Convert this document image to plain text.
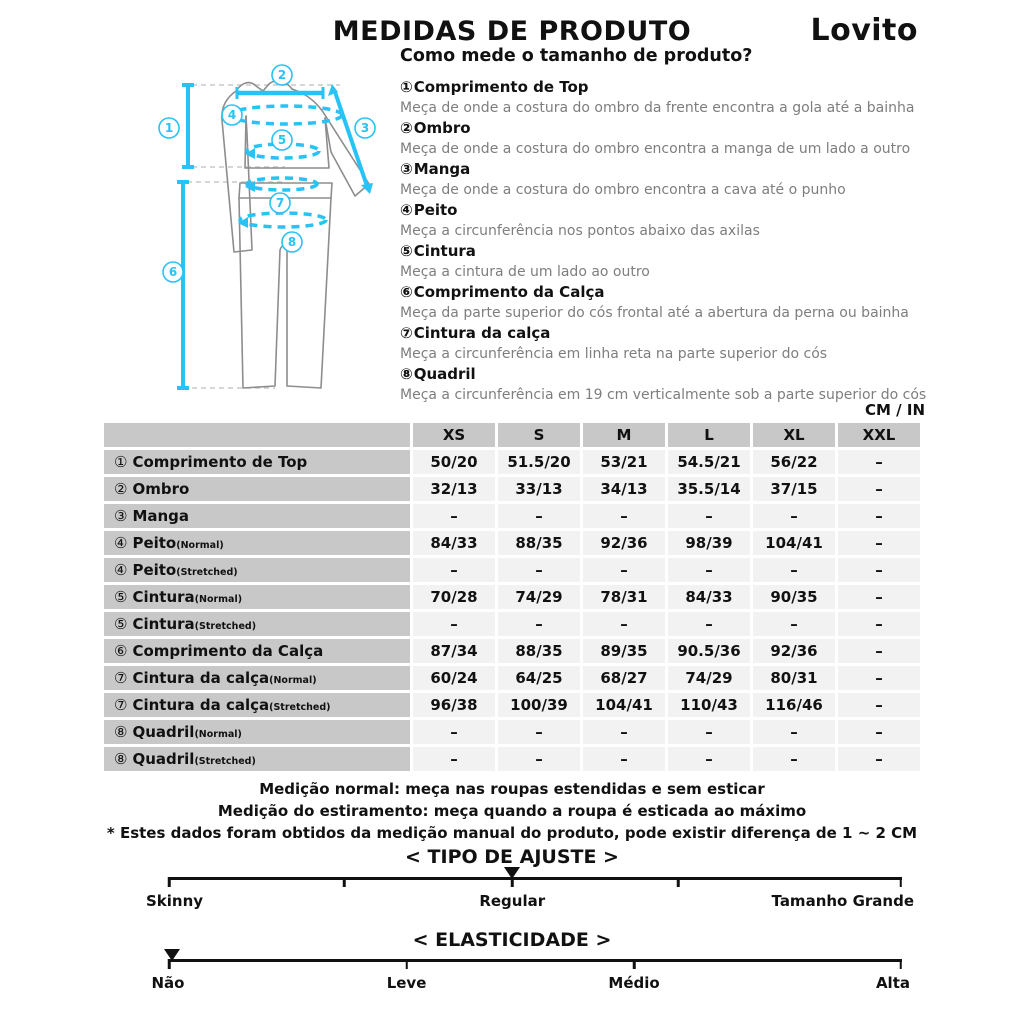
MEDIDAS DE PRODUTO	Lovito
1
2
3
4
5
6
7
8
Como mede o tamanho de produto?
①Comprimento de Top
Meça de onde a costura do ombro da frente encontra a gola até a bainha
②Ombro
Meça de onde a costura do ombro encontra a manga de um lado a outro
③Manga
Meça de onde a costura do ombro encontra a cava até o punho
④Peito
Meça a circunferência nos pontos abaixo das axilas
⑤Cintura
Meça a cintura de um lado ao outro
⑥Comprimento da Calça
Meça da parte superior do cós frontal até a abertura da perna ou bainha
⑦Cintura da calça
Meça a circunferência em linha reta na parte superior do cós
⑧Quadril
Meça a circunferência em 19 cm verticalmente sob a parte superior do cós
CM / IN
	XS	S	M	L	XL	XXL
① Comprimento de Top	50/20	51.5/20	53/21	54.5/21	56/22	–
② Ombro	32/13	33/13	34/13	35.5/14	37/15	–
③ Manga	–	–	–	–	–	–
④ Peito(Normal)	84/33	88/35	92/36	98/39	104/41	–
④ Peito(Stretched)	–	–	–	–	–	–
⑤ Cintura(Normal)	70/28	74/29	78/31	84/33	90/35	–
⑤ Cintura(Stretched)	–	–	–	–	–	–
⑥ Comprimento da Calça	87/34	88/35	89/35	90.5/36	92/36	–
⑦ Cintura da calça(Normal)	60/24	64/25	68/27	74/29	80/31	–
⑦ Cintura da calça(Stretched)	96/38	100/39	104/41	110/43	116/46	–
⑧ Quadril(Normal)	–	–	–	–	–	–
⑧ Quadril(Stretched)	–	–	–	–	–	–
Medição normal: meça nas roupas estendidas e sem esticar
Medição do estiramento: meça quando a roupa é esticada ao máximo
* Estes dados foram obtidos da medição manual do produto, pode existir diferença de 1 ~ 2 CM
< TIPO DE AJUSTE >
Skinny	Regular	Tamanho Grande
< ELASTICIDADE >
Não	Leve	Médio	Alta
